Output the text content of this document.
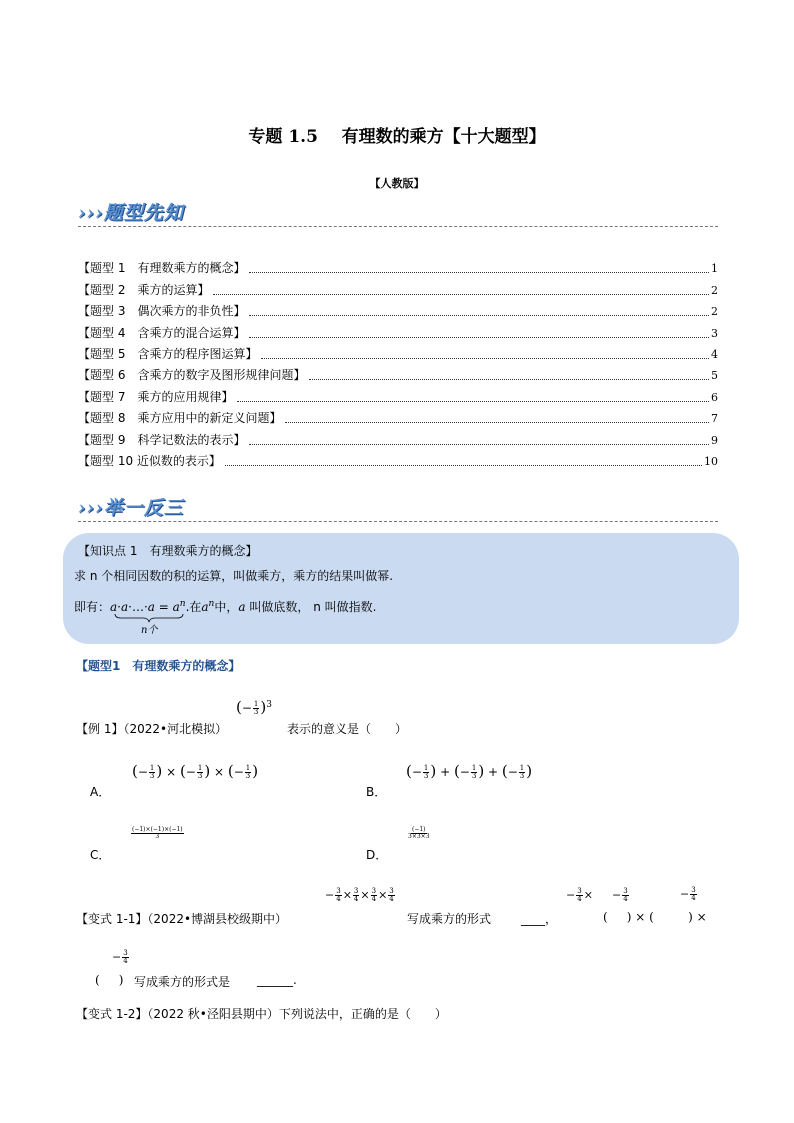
专题 1.5 有理数的乘方【十大题型】
【人教版】
›››题型先知
【题型 1　有理数乘方的概念】	1
【题型 2　乘方的运算】	2
【题型 3　偶次乘方的非负性】	2
【题型 4　含乘方的混合运算】	3
【题型 5　含乘方的程序图运算】	4
【题型 6　含乘方的数字及图形规律问题】	5
【题型 7　乘方的应用规律】	6
【题型 8　乘方应用中的新定义问题】	7
【题型 9　科学记数法的表示】	9
【题型 10 近似数的表示】	10
›››举一反三
【知识点 1　有理数乘方的概念】
求 n 个相同因数的积的运算，叫做乘方，乘方的结果叫做幂.
即有：a·a·…·a = $a^n$.在$a^n$中，a 叫做底数， n 叫做指数.
n个
【题型1　有理数乘方的概念】
(− $\frac{1}{3} )^3$
【例 1】（2022•河北模拟）	表示的意义是（　　）
A．
(− $\frac{1}{3}$ ) × (− $\frac{1}{3}$ ) × (− $\frac{1}{3}$ )
B．
(− $\frac{1}{3}$ ) + (− $\frac{1}{3}$ ) + (− $\frac{1}{3}$ )
C．
$\frac{(-1)\times(-1)\times(-1)}{3}$
D．
$\frac{(-1)}{3\times 3\times 3}$
− $\frac{3}{4} \times \frac{3}{4} \times \frac{3}{4} \times \frac{3}{4}$
【变式 1-1】（2022•博湖县校级期中）	写成乘方的形式 ____，
− $\frac{3}{4}$ × − $\frac{3}{4}$	− $\frac{3}{4}$
(     ) × (         ) ×
− $\frac{3}{4}$
(     ) 写成乘方的形式是 ______.
【变式 1-2】（2022 秋•泾阳县期中）下列说法中，正确的是（　　）
